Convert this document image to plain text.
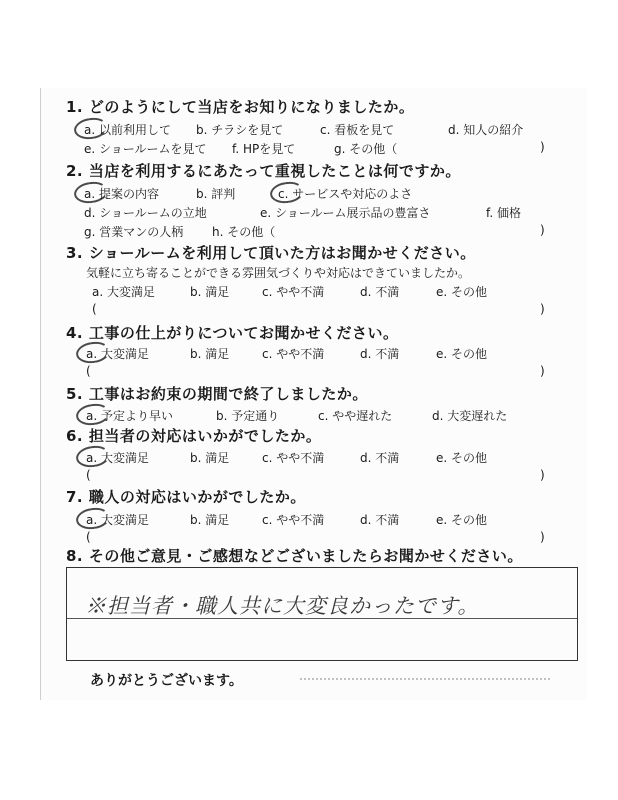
1. どのようにして当店をお知りになりましたか。
a. 以前利用して b. チラシを見て	c. 看板を見て	d. 知人の紹介
e. ショールームを見て f. HPを見て	g. その他（	)
2. 当店を利用するにあたって重視したことは何ですか。
a. 提案の内容	b. 評判	c. サービスや対応のよさ
d. ショールームの立地	e. ショールーム展示品の豊富さ	f. 価格
g. 営業マンの人柄 h. その他（	)
3. ショールームを利用して頂いた方はお聞かせください。
気軽に立ち寄ることができる雰囲気づくりや対応はできていましたか。
a. 大変満足	b. 満足	c. やや不満	d. 不満	e. その他
(	)
4. 工事の仕上がりについてお聞かせください。
a. 大変満足	b. 満足	c. やや不満	d. 不満	e. その他
(	)
5. 工事はお約束の期間で終了しましたか。
a. 予定より早い	b. 予定通り	c. やや遅れた	d. 大変遅れた
6. 担当者の対応はいかがでしたか。
a. 大変満足	b. 満足	c. やや不満	d. 不満	e. その他
(	)
7. 職人の対応はいかがでしたか。
a. 大変満足	b. 満足	c. やや不満	d. 不満	e. その他
(	)
8. その他ご意見・ご感想などございましたらお聞かせください。
※担当者・職人共に大変良かったです。
ありがとうございます。
